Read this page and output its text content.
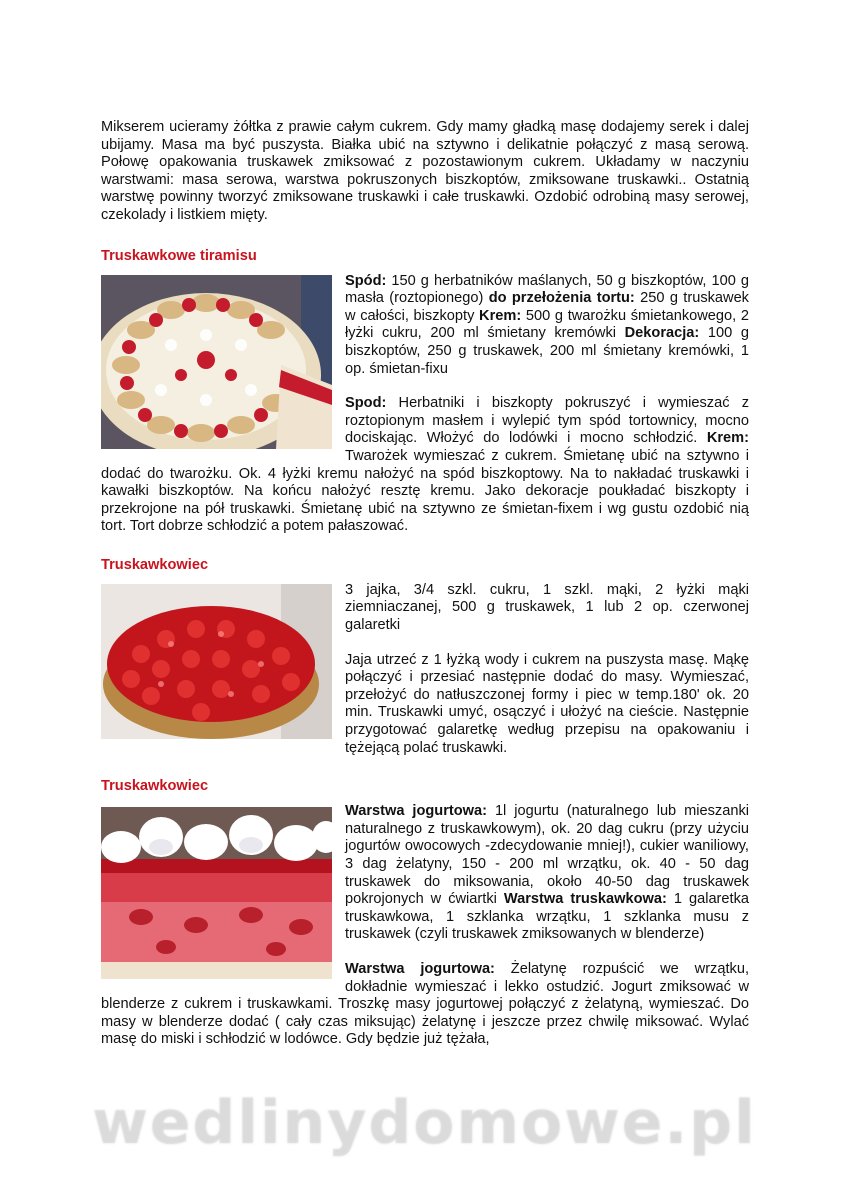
Mikserem ucieramy żółtka z prawie całym cukrem. Gdy mamy gładką masę dodajemy serek i dalej ubijamy. Masa ma być puszysta. Białka ubić na sztywno i delikatnie połączyć z masą serową. Połowę opakowania truskawek zmiksować z pozostawionym cukrem. Układamy w naczyniu warstwami: masa serowa, warstwa pokruszonych biszkoptów, zmiksowane truskawki.. Ostatnią warstwę powinny tworzyć zmiksowane truskawki i całe truskawki. Ozdobić odrobiną masy serowej, czekolady i listkiem mięty.

Truskawkowe tiramisu

Spód: 150 g herbatników maślanych, 50 g biszkoptów, 100 g masła (roztopionego) do przełożenia tortu: 250 g truskawek w całości, biszkopty Krem: 500 g twarożku śmietankowego, 2 łyżki cukru, 200 ml śmietany kremówki Dekoracja: 100 g biszkoptów, 250 g truskawek, 200 ml śmietany kremówki, 1 op. śmietan-fixu

Spod: Herbatniki i biszkopty pokruszyć i wymieszać z roztopionym masłem i wylepić tym spód tortownicy, mocno dociskając. Włożyć do lodówki i mocno schłodzić. Krem: Twarożek wymieszać z cukrem. Śmietanę ubić na sztywno i dodać do twarożku. Ok. 4 łyżki kremu nałożyć na spód biszkoptowy. Na to nakładać truskawki i kawałki biszkoptów. Na końcu nałożyć resztę kremu. Jako dekoracje poukładać biszkopty i przekrojone na pół truskawki. Śmietanę ubić na sztywno ze śmietan-fixem i wg gustu ozdobić nią tort. Tort dobrze schłodzić a potem pałaszować.

Truskawkowiec

3 jajka, 3/4 szkl. cukru, 1 szkl. mąki, 2 łyżki mąki ziemniaczanej, 500 g truskawek, 1 lub 2 op. czerwonej galaretki

Jaja utrzeć z 1 łyżką wody i cukrem na puszysta masę. Mąkę połączyć i przesiać następnie dodać do masy. Wymieszać, przełożyć do natłuszczonej formy i piec w temp.180' ok. 20 min. Truskawki umyć, osączyć i ułożyć na cieście. Następnie przygotować galaretkę według przepisu na opakowaniu i tężejącą polać truskawki.

Truskawkowiec

Warstwa jogurtowa: 1l jogurtu (naturalnego lub mieszanki naturalnego z truskawkowym), ok. 20 dag cukru (przy użyciu jogurtów owocowych -zdecydowanie mniej!), cukier waniliowy, 3 dag żelatyny, 150 - 200 ml wrzątku, ok. 40 - 50 dag truskawek do miksowania, około 40-50 dag truskawek pokrojonych w ćwiartki Warstwa truskawkowa: 1 galaretka truskawkowa, 1 szklanka wrzątku, 1 szklanka musu z truskawek (czyli truskawek zmiksowanych w blenderze)

Warstwa jogurtowa: Żelatynę rozpuścić we wrzątku, dokładnie wymieszać i lekko ostudzić. Jogurt zmiksować w blenderze z cukrem i truskawkami. Troszkę masy jogurtowej połączyć z żelatyną, wymieszać. Do masy w blenderze dodać ( cały czas miksując) żelatynę i jeszcze przez chwilę miksować. Wylać masę do miski i schłodzić w lodówce. Gdy będzie już tężała,

wedlinydomowe.pl
